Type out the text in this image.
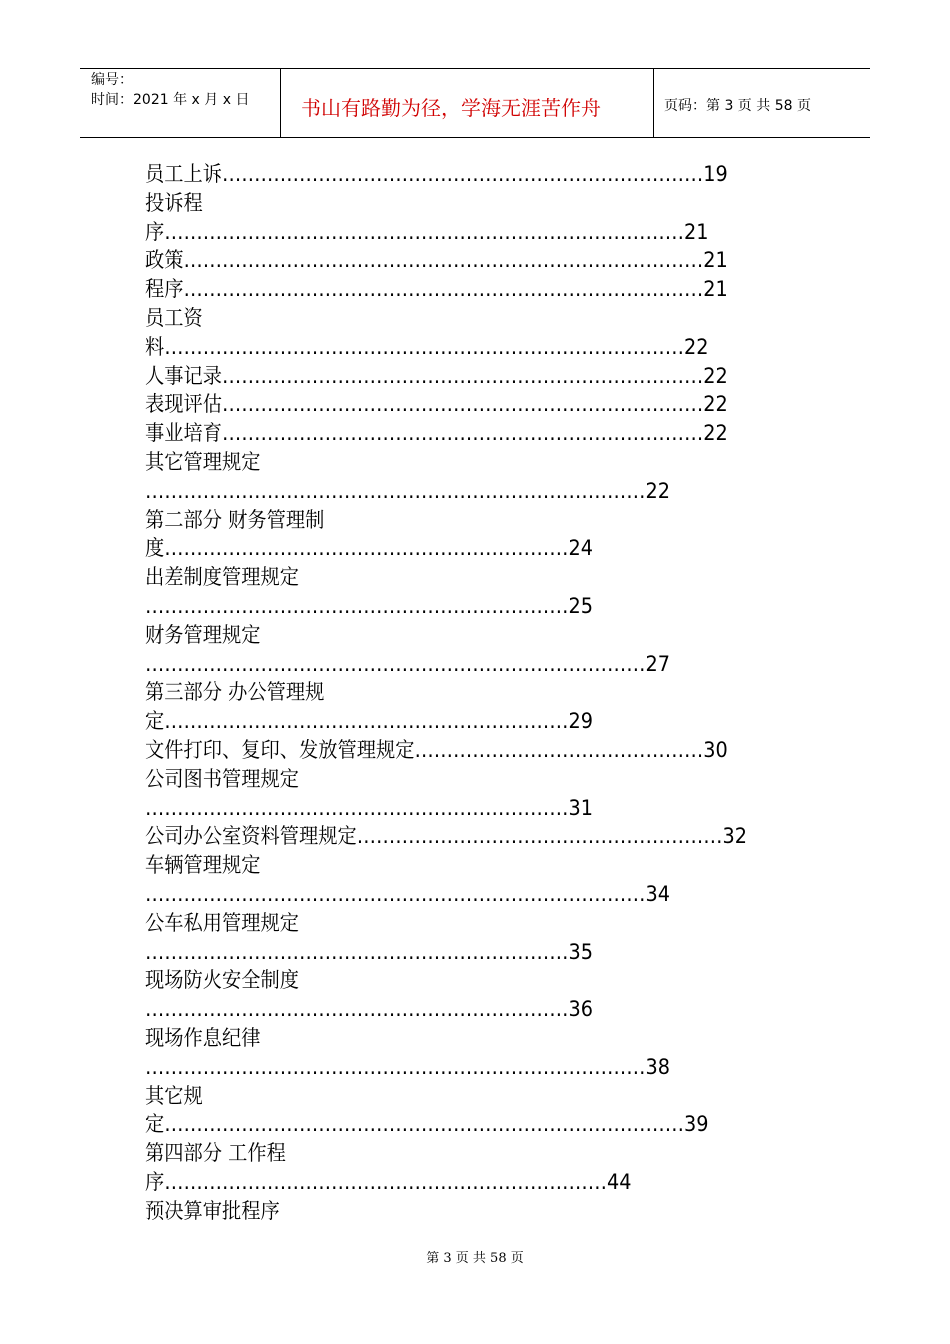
编号：
时间：2021 年 x 月 x 日	书山有路勤为径，学海无涯苦作舟	页码：第 3 页 共 58 页
员工上诉…………………………………………………………………19
投诉程
序………………………………………………………………………21
政策………………………………………………………………………21
程序………………………………………………………………………21
员工资
料………………………………………………………………………22
人事记录…………………………………………………………………22
表现评估…………………………………………………………………22
事业培育…………………………………………………………………22
其它管理规定
……………………………………………………………………22
第二部分 财务管理制
度………………………………………………………24
出差制度管理规定
…………………………………………………………25
财务管理规定
……………………………………………………………………27
第三部分 办公管理规
定………………………………………………………29
文件打印、复印、发放管理规定………………………………………30
公司图书管理规定
…………………………………………………………31
公司办公室资料管理规定…………………………………………………32
车辆管理规定
……………………………………………………………………34
公车私用管理规定
…………………………………………………………35
现场防火安全制度
…………………………………………………………36
现场作息纪律
……………………………………………………………………38
其它规
定………………………………………………………………………39
第四部分 工作程
序……………………………………………………………44
预决算审批程序
第 3 页 共 58 页
